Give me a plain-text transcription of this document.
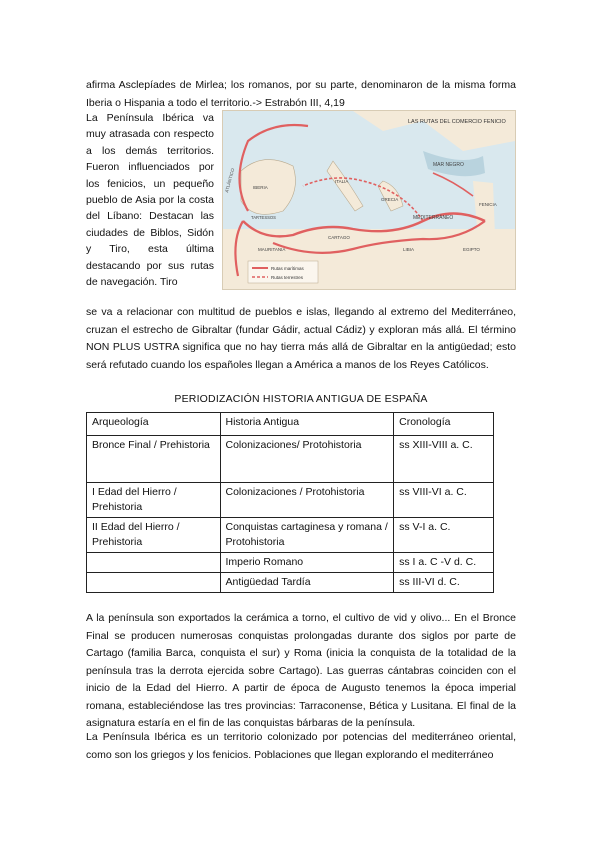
afirma Asclepíades de Mirlea; los romanos, por su parte, denominaron de la misma forma Iberia o Hispania a todo el territorio.-> Estrabón III, 4,19

La Península Ibérica va muy atrasada con respecto a los demás territorios. Fueron influenciados por los fenicios, un pequeño pueblo de Asia por la costa del Líbano: Destacan las ciudades de Biblos, Sidón y Tiro, esta última destacando por sus rutas de navegación. Tiro

LAS RUTAS DEL COMERCIO FENICIO
ATLÁNTICO
MAR NEGRO
MEDITERRÁNEO
IBERIA
ITALIA
GRECIA
FENICIA
EGIPTO
LIBIA
CARTAGO
MAURITANIA
TARTESSOS
Rutas marítimas
Rutas terrestres

se va a relacionar con multitud de pueblos e islas, llegando al extremo del Mediterráneo, cruzan el estrecho de Gibraltar (fundar Gádir, actual Cádiz) y exploran más allá. El término NON PLUS USTRA significa que no hay tierra más allá de Gibraltar en la antigüedad; esto será refutado cuando los españoles llegan a América a manos de los Reyes Católicos.

PERIODIZACIÓN HISTORIA ANTIGUA DE ESPAÑA
Arqueología	Historia Antigua	Cronología
Bronce Final / Prehistoria	Colonizaciones/ Protohistoria	ss XIII-VIII a. C.
I Edad del Hierro / Prehistoria	Colonizaciones / Protohistoria	ss VIII-VI a. C.
II Edad del Hierro / Prehistoria	Conquistas cartaginesa y romana / Protohistoria	ss V-I a. C.
	Imperio Romano	ss I a. C -V d. C.
	Antigüedad Tardía	ss III-VI d. C.

A la península son exportados la cerámica a torno, el cultivo de vid y olivo... En el Bronce Final se producen numerosas conquistas prolongadas durante dos siglos por parte de Cartago (familia Barca, conquista el sur) y Roma (inicia la conquista de la totalidad de la península tras la derrota ejercida sobre Cartago). Las guerras cántabras coinciden con el inicio de la Edad del Hierro. A partir de época de Augusto tenemos la época imperial romana, estableciéndose las tres provincias: Tarraconense, Bética y Lusitana. El final de la asignatura estaría en el fin de las conquistas bárbaras de la península.

La Península Ibérica es un territorio colonizado por potencias del mediterráneo oriental, como son los griegos y los fenicios. Poblaciones que llegan explorando el mediterráneo
